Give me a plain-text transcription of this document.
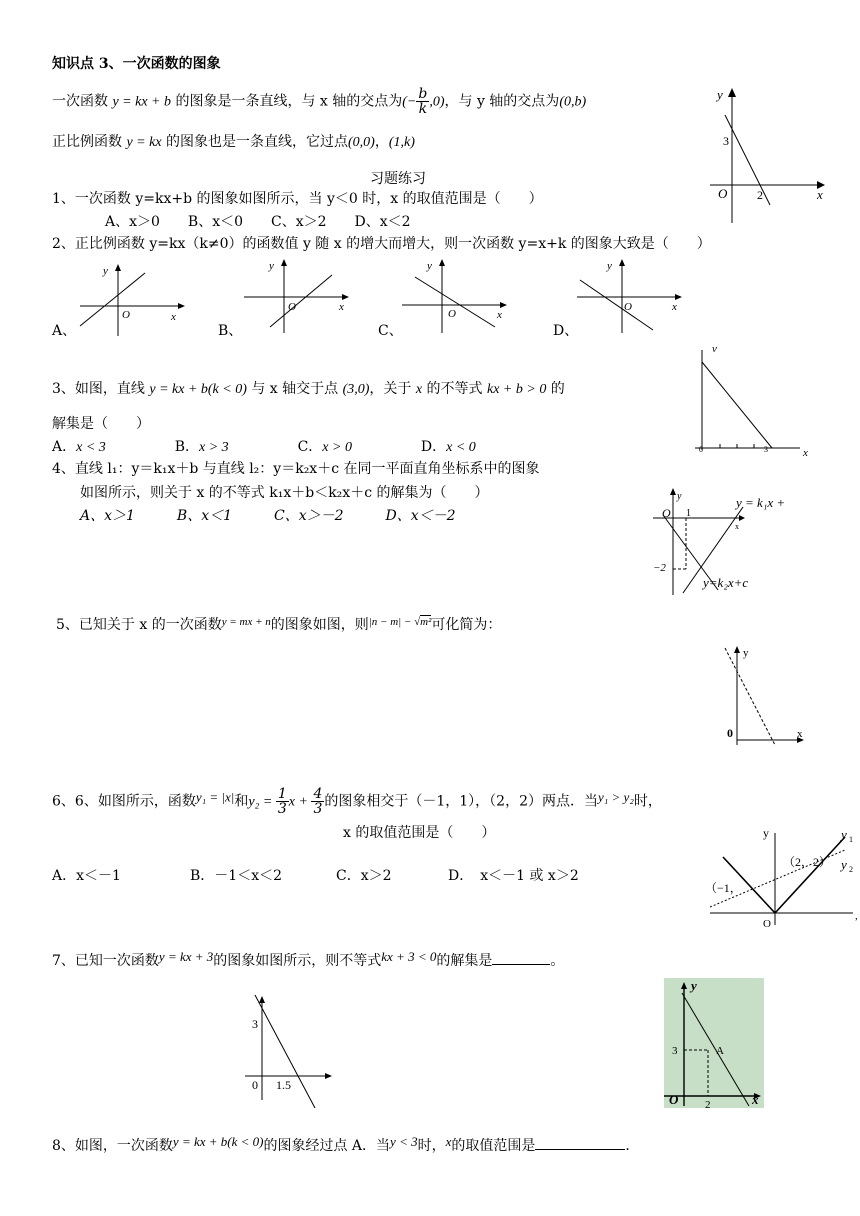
知识点 3、一次函数的图象
一次函数 y = kx + b 的图象是一条直线，与 x 轴的交点为(− $\frac{b}{k} ,0$)，与 y 轴的交点为(0,b)
正比例函数 y = kx 的图象也是一条直线，它过点(0,0)，(1,k)
习题练习
y
x
O
3
2
1、一次函数 y=kx+b 的图象如图所示，当 y＜0 时，x 的取值范围是（　　）
A、x＞0　　B、x＜0　　C、x＞2　　D、x＜2
2、正比例函数 y=kx（k≠0）的函数值 y 随 x 的增大而增大，则一次函数 y=x+k 的图象大致是（　　）
A、	B、	C、	D、
y
x
O
y
x
O
y
x
O
y
x
O
v
x
0	3
3、如图，直线 y = kx + b(k < 0) 与 x 轴交于点 (3,0)，关于 x 的不等式 kx + b > 0 的
解集是（　　）
A．x < 3	B．x > 3	C．x > 0	D．x < 0
4、直线 l₁：y＝k₁x＋b 与直线 l₂：y＝k₂x＋c 在同一平面直角坐标系中的图象
如图所示，则关于 x 的不等式 k₁x＋b＜k₂x＋c 的解集为（　　）
A、x＞1　　　B、x＜1　　　C、x＞－2　　　D、x＜－2
y
x
O 1
−2
y = k₁x +
y=k₂x+c
5、已知关于 x 的一次函数$^{y = mx + n}$的图象如图，则$^{|n - m| - √m^2}$可化简为：
y
x
0
6、6、如图所示，函数y₁ = |x|和$y_2 = \frac{1}{3}$ $x + \frac{4}{3}$ 的图象相交于（－1，1），（2，2）两点．当y₁ > y₂时，
x 的取值范围是（　　）
A．x＜－1	B．－1＜x＜2	C．x＞2	D．　x＜－1 或 x＞2
y
O
（−1，
（2，2）
y 1
y 2
,
7、已知一次函数y = kx + 3的图象如图所示，则不等式kx + 3 < 0的解集是	。
3
0 1.5
y
x
O
3
2
A
8、如图，一次函数y = kx + b(k < 0)的图象经过点 A．当y < 3时，x的取值范围是	．
